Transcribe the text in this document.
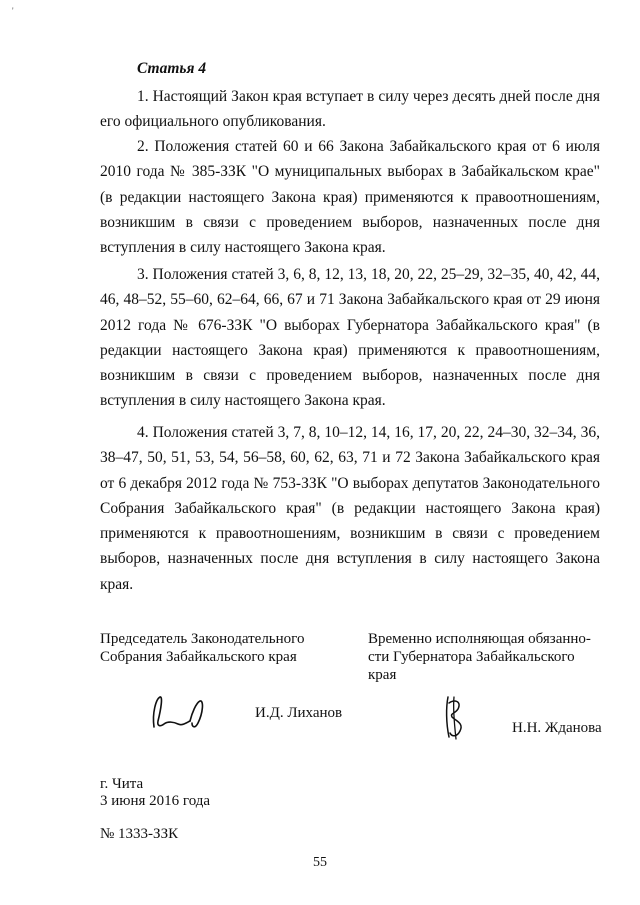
'
Статья 4

1. Настоящий Закон края вступает в силу через десять дней после дня его официального опубликования.

2. Положения статей 60 и 66 Закона Забайкальского края от 6 июля 2010 года № 385-ЗЗК "О муниципальных выборах в Забайкальском крае" (в редакции настоящего Закона края) применяются к правоотношениям, возникшим в связи с проведением выборов, назначенных после дня вступления в силу настоящего Закона края.

3. Положения статей 3, 6, 8, 12, 13, 18, 20, 22, 25–29, 32–35, 40, 42, 44, 46, 48–52, 55–60, 62–64, 66, 67 и 71 Закона Забайкальского края от 29 июня 2012 года № 676-ЗЗК "О выборах Губернатора Забайкальского края" (в редакции настоящего Закона края) применяются к правоотношениям, возникшим в связи с проведением выборов, назначенных после дня вступления в силу настоящего Закона края.

4. Положения статей 3, 7, 8, 10–12, 14, 16, 17, 20, 22, 24–30, 32–34, 36, 38–47, 50, 51, 53, 54, 56–58, 60, 62, 63, 71 и 72 Закона Забайкальского края от 6 декабря 2012 года № 753-ЗЗК "О выборах депутатов Законодательного Собрания Забайкальского края" (в редакции настоящего Закона края) применяются к правоотношениям, возникшим в связи с проведением выборов, назначенных после дня вступления в силу настоящего Закона края.

Председатель Законодательного
Собрания Забайкальского края
Временно исполняющая обязанно-
сти Губернатора Забайкальского
края
И.Д. Лиханов
Н.Н. Жданова
г. Чита
3 июня 2016 года
№ 1333-ЗЗК
55
